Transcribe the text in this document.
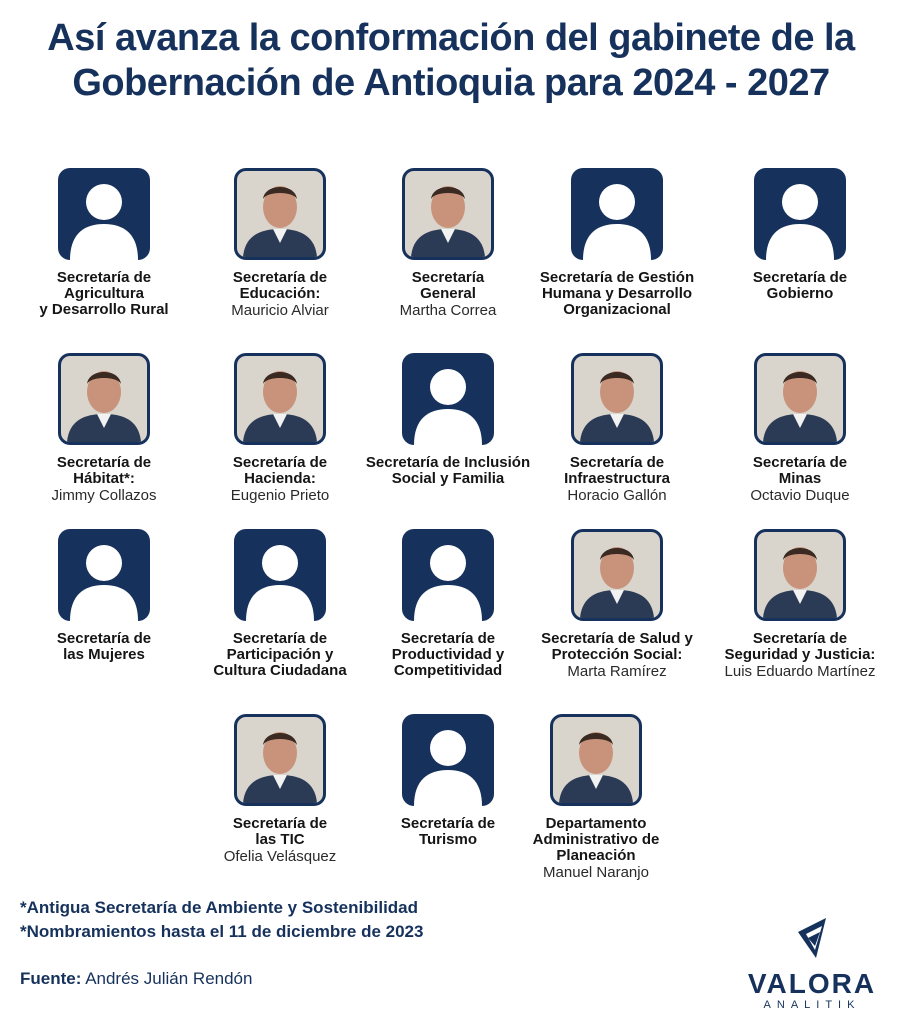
Así avanza la conformación del gabinete de la
Gobernación de Antioquia para 2024 - 2027
Secretaría de
Agricultura
y Desarrollo Rural
Secretaría de
Educación:
Mauricio Alviar
Secretaría
General
Martha Correa
Secretaría de Gestión
Humana y Desarrollo
Organizacional
Secretaría de
Gobierno
Secretaría de
Hábitat*:
Jimmy Collazos
Secretaría de
Hacienda:
Eugenio Prieto
Secretaría de Inclusión
Social y Familia
Secretaría de
Infraestructura
Horacio Gallón
Secretaría de
Minas
Octavio Duque
Secretaría de
las Mujeres
Secretaría de
Participación y
Cultura Ciudadana
Secretaría de
Productividad y
Competitividad
Secretaría de Salud y
Protección Social:
Marta Ramírez
Secretaría de
Seguridad y Justicia:
Luis Eduardo Martínez
Secretaría de
las TIC
Ofelia Velásquez
Secretaría de
Turismo
Departamento
Administrativo de
Planeación
Manuel Naranjo
*Antigua Secretaría de Ambiente y Sostenibilidad
*Nombramientos hasta el 11 de diciembre de 2023
Fuente: Andrés Julián Rendón	VALORA
ANALITIK
